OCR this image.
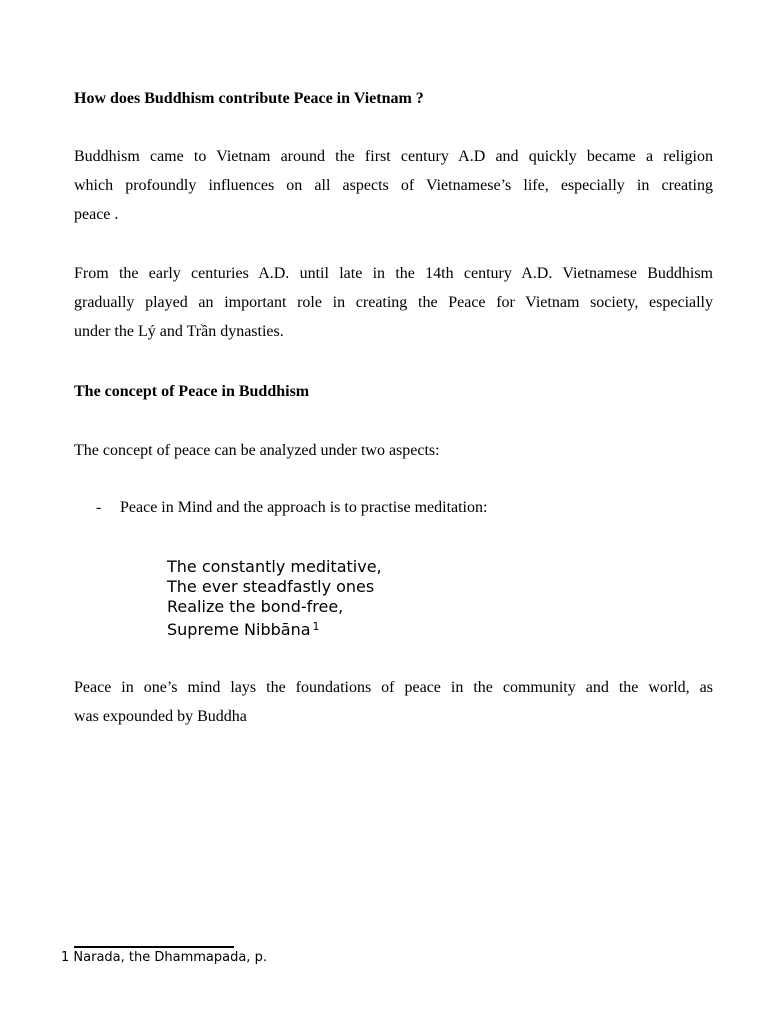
How does Buddhism contribute Peace in Vietnam ?
Buddhism came to Vietnam around the first century A.D and quickly became a religion
which profoundly influences on all aspects of Vietnamese’s life, especially in creating
peace .
From the early centuries A.D. until late in the 14th century A.D. Vietnamese Buddhism
gradually played an important role in creating the Peace for Vietnam society, especially
under the Lý and Trần dynasties.
The concept of Peace in Buddhism
The concept of peace can be analyzed under two aspects:
- Peace in Mind and the approach is to practise meditation:
The constantly meditative,
The ever steadfastly ones
Realize the bond-free,
Supreme Nibbāna $^1$
Peace in one’s mind lays the foundations of peace in the community and the world, as
was expounded by Buddha
1 Narada, the Dhammapada, p.
